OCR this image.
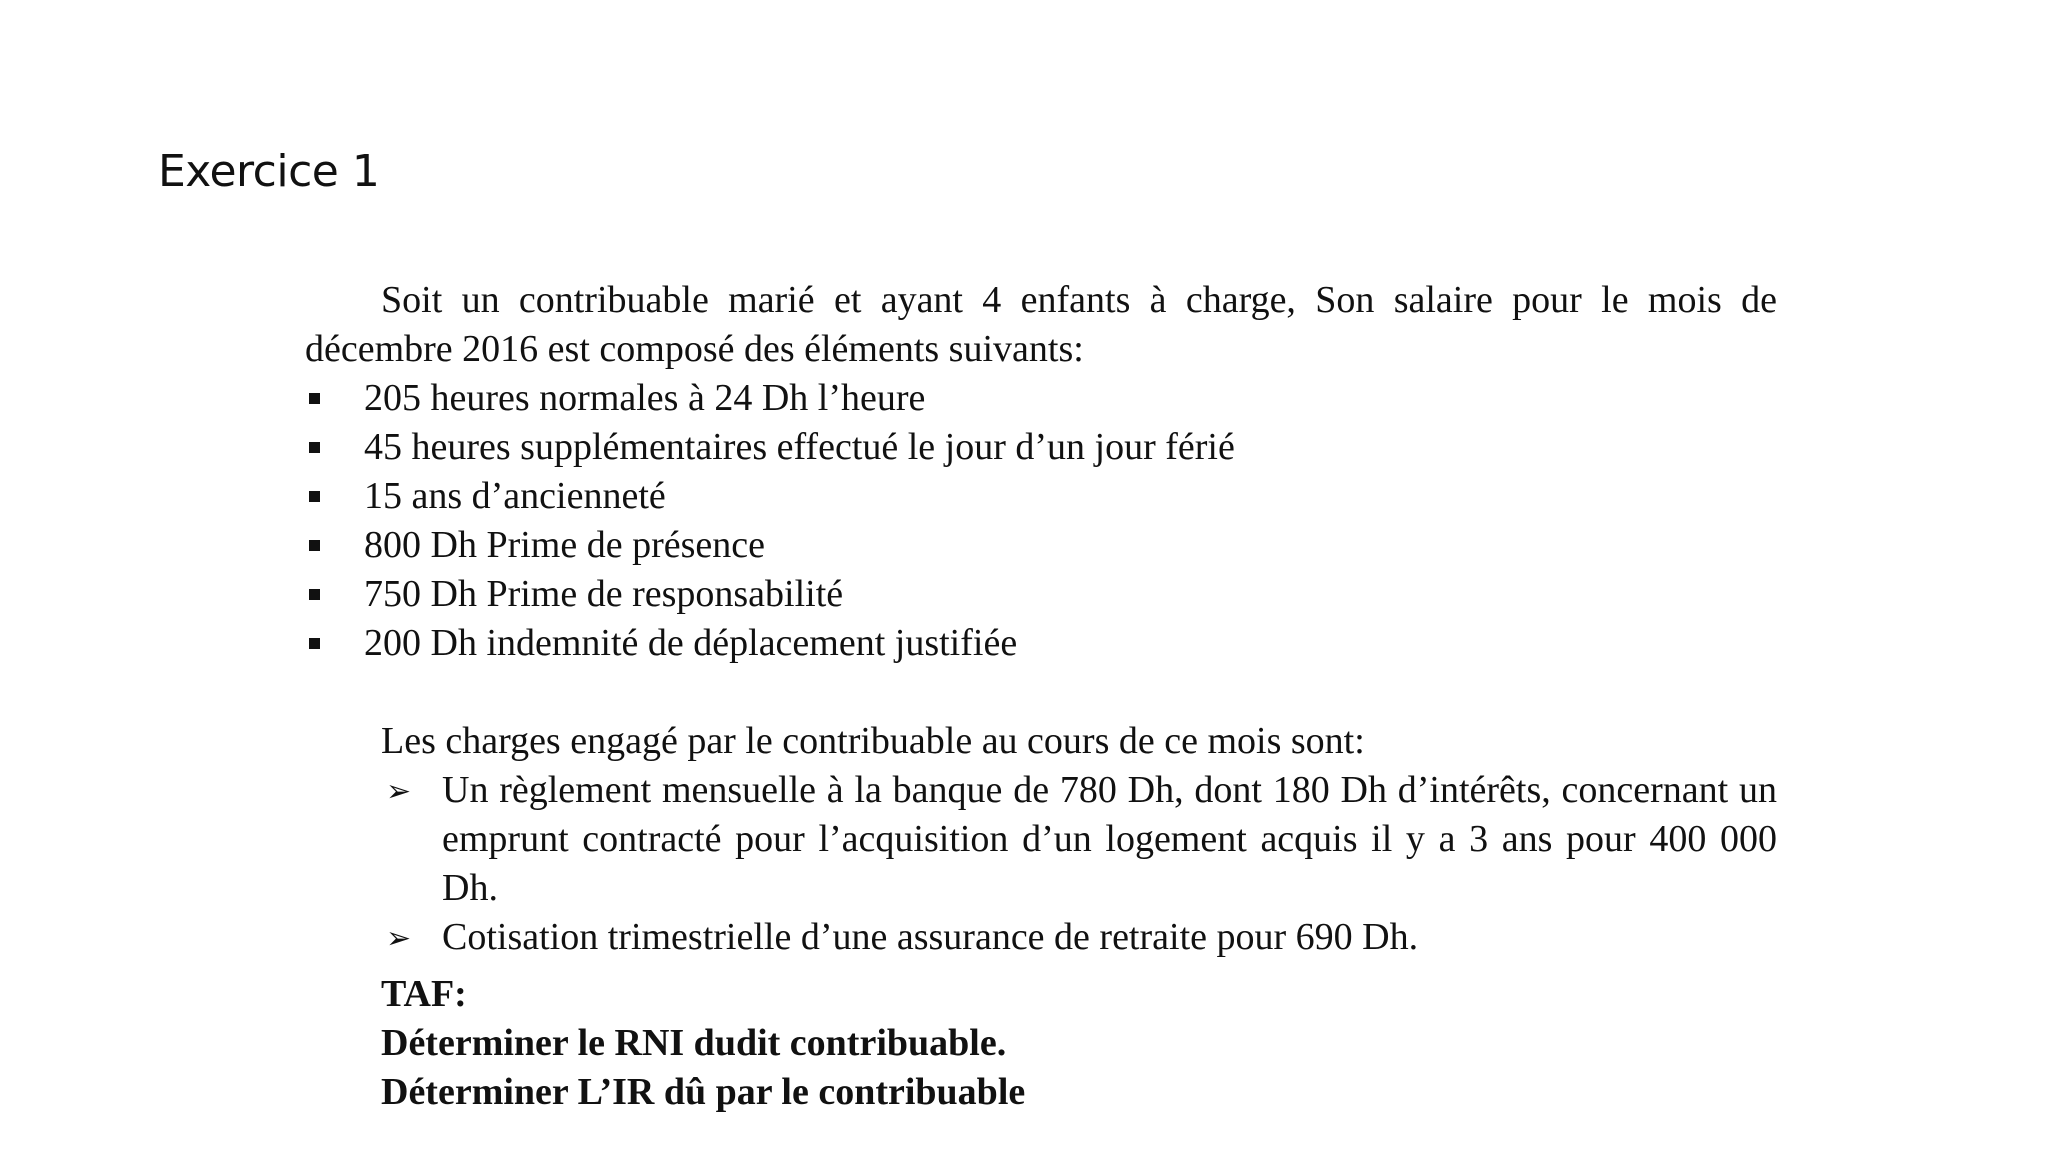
Exercice 1

Soit un contribuable marié et ayant 4 enfants à charge, Son salaire pour le mois de décembre 2016 est composé des éléments suivants:

205 heures normales à 24 Dh l’heure
45 heures supplémentaires effectué le jour d’un jour férié
15 ans d’ancienneté
800 Dh Prime de présence
750 Dh Prime de responsabilité
200 Dh indemnité de déplacement justifiée

Les charges engagé par le contribuable au cours de ce mois sont:

➢ Un règlement mensuelle à la banque de 780 Dh, dont 180 Dh d’intérêts, concernant un emprunt contracté pour l’acquisition d’un logement acquis il y a 3 ans pour 400 000 Dh.
➢ Cotisation trimestrielle d’une assurance de retraite pour 690 Dh.
TAF:
Déterminer le RNI dudit contribuable.
Déterminer L’IR dû par le contribuable
